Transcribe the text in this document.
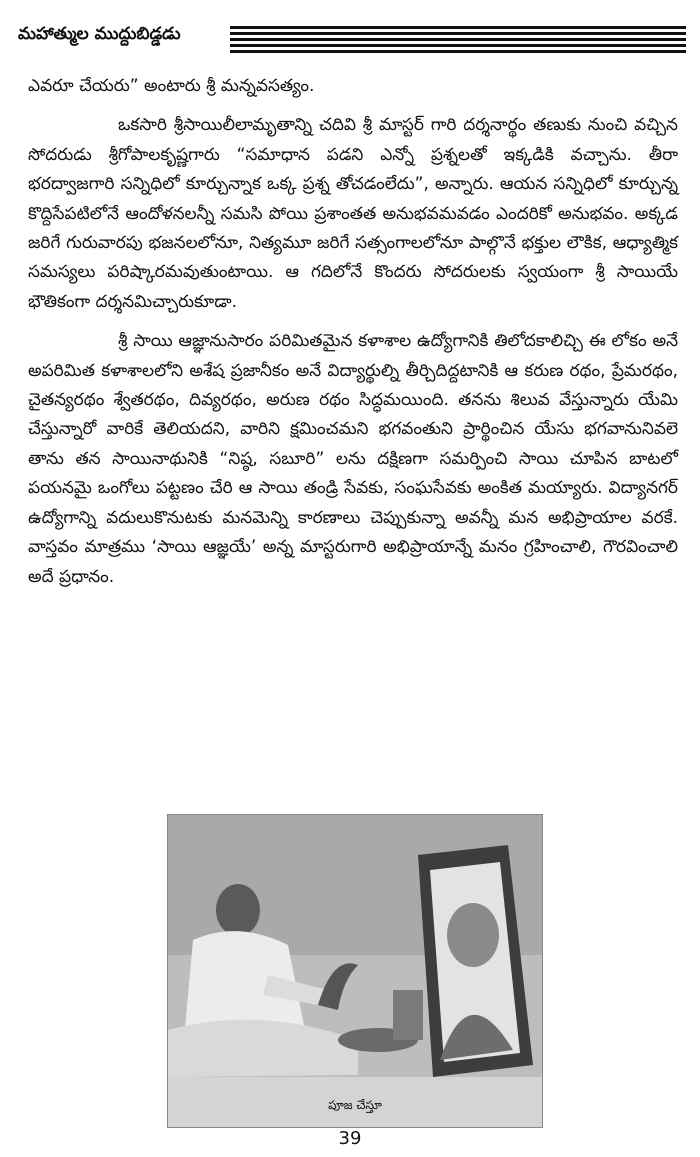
మహాత్ముల ముద్దుబిడ్డడు

ఎవరూ చేయరు” అంటారు శ్రీ మన్నవసత్యం.

ఒకసారి శ్రీసాయిలీలామృతాన్ని చదివి శ్రీ మాస్టర్ గారి దర్శనార్థం తణుకు నుంచి వచ్చిన సోదరుడు శ్రీగోపాలకృష్ణగారు “సమాధాన పడని ఎన్నో ప్రశ్నలతో ఇక్కడికి వచ్చాను. తీరా భరద్వాజగారి సన్నిధిలో కూర్చున్నాక ఒక్క ప్రశ్న తోచడంలేదు”, అన్నారు. ఆయన సన్నిధిలో కూర్చున్న కొద్దిసేపటిలోనే ఆందోళనలన్నీ సమసి పోయి ప్రశాంతత అనుభవమవడం ఎందరికో అనుభవం. అక్కడ జరిగే గురువారపు భజనలలోనూ, నిత్యమూ జరిగే సత్సంగాలలోనూ పాల్గొనే భక్తుల లౌకిక, ఆధ్యాత్మిక సమస్యలు పరిష్కారమవుతుంటాయి. ఆ గదిలోనే కొందరు సోదరులకు స్వయంగా శ్రీ సాయియే భౌతికంగా దర్శనమిచ్చారుకూడా.

శ్రీ సాయి ఆజ్ఞానుసారం పరిమితమైన కళాశాల ఉద్యోగానికి తిలోదకాలిచ్చి ఈ లోకం అనే అపరిమిత కళాశాలలోని అశేష ప్రజానీకం అనే విద్యార్థుల్ని తీర్చిదిద్దటానికి ఆ కరుణ రథం, ప్రేమరథం, చైతన్యరథం శ్వేతరథం, దివ్యరథం, అరుణ రథం సిద్ధమయింది. తనను శిలువ వేస్తున్నారు యేమి చేస్తున్నారో వారికే తెలియదని, వారిని క్షమించమని భగవంతుని ప్రార్థించిన యేసు భగవానునివలె తాను తన సాయినాథునికి “నిష్ఠ, సబూరి” లను దక్షిణగా సమర్పించి సాయి చూపిన బాటలో పయనమై ఒంగోలు పట్టణం చేరి ఆ సాయి తండ్రి సేవకు, సంఘసేవకు అంకిత మయ్యారు. విద్యానగర్ ఉద్యోగాన్ని వదులుకొనుటకు మనమెన్ని కారణాలు చెప్పుకున్నా అవన్నీ మన అభిప్రాయాల వరకే. వాస్తవం మాత్రము ‘సాయి ఆజ్ఞయే’ అన్న మాస్టరుగారి అభిప్రాయాన్నే మనం గ్రహించాలి, గౌరవించాలి అదే ప్రధానం.

పూజ చేస్తూ
39
